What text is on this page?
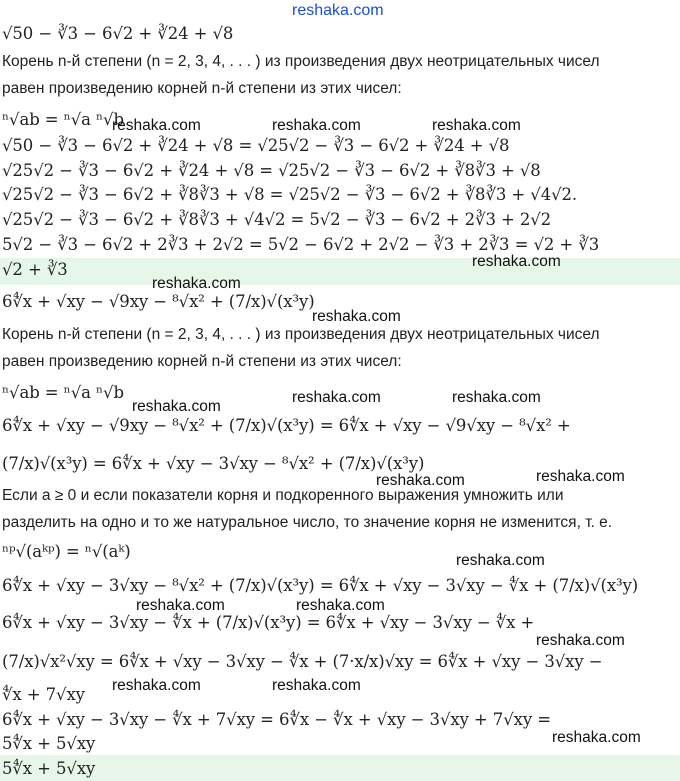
reshaka.com
√50 − ∛3 − 6√2 + ∛24 + √8
Корень n-й степени (n = 2, 3, 4, . . . ) из произведения двух неотрицательных чисел
равен произведению корней n-й степени из этих чисел:
ⁿ√ab = ⁿ√a ⁿ√b
√50 − ∛3 − 6√2 + ∛24 + √8 = √25√2 − ∛3 − 6√2 + ∛24 + √8
√25√2 − ∛3 − 6√2 + ∛24 + √8 = √25√2 − ∛3 − 6√2 + ∛8∛3 + √8
√25√2 − ∛3 − 6√2 + ∛8∛3 + √8 = √25√2 − ∛3 − 6√2 + ∛8∛3 + √4√2.
√25√2 − ∛3 − 6√2 + ∛8∛3 + √4√2 = 5√2 − ∛3 − 6√2 + 2∛3 + 2√2
5√2 − ∛3 − 6√2 + 2∛3 + 2√2 = 5√2 − 6√2 + 2√2 − ∛3 + 2∛3 = √2 + ∛3
√2 + ∛3
6∜x + √xy − √9xy − ⁸√x² + (7/x)√(x³y)
Корень n-й степени (n = 2, 3, 4, . . . ) из произведения двух неотрицательных чисел
равен произведению корней n-й степени из этих чисел:
ⁿ√ab = ⁿ√a ⁿ√b
6∜x + √xy − √9xy − ⁸√x² + (7/x)√(x³y) = 6∜x + √xy − √9√xy − ⁸√x² +
(7/x)√(x³y) = 6∜x + √xy − 3√xy − ⁸√x² + (7/x)√(x³y)
Если a ≥ 0 и если показатели корня и подкоренного выражения умножить или
разделить на одно и то же натуральное число, то значение корня не изменится, т. е.
ⁿᵖ√(aᵏᵖ) = ⁿ√(aᵏ)
6∜x + √xy − 3√xy − ⁸√x² + (7/x)√(x³y) = 6∜x + √xy − 3√xy − ∜x + (7/x)√(x³y)
6∜x + √xy − 3√xy − ∜x + (7/x)√(x³y) = 6∜x + √xy − 3√xy − ∜x +
(7/x)√x²√xy = 6∜x + √xy − 3√xy − ∜x + (7·x/x)√xy = 6∜x + √xy − 3√xy −
∜x + 7√xy
6∜x + √xy − 3√xy − ∜x + 7√xy = 6∜x − ∜x + √xy − 3√xy + 7√xy =
5∜x + 5√xy
5∜x + 5√xy
reshaka.com	reshaka.com	reshaka.com
reshaka.com
reshaka.com
reshaka.com
reshaka.com	reshaka.com
reshaka.com
reshaka.com	reshaka.com
reshaka.com
reshaka.com	reshaka.com
reshaka.com
reshaka.com	reshaka.com
reshaka.com
